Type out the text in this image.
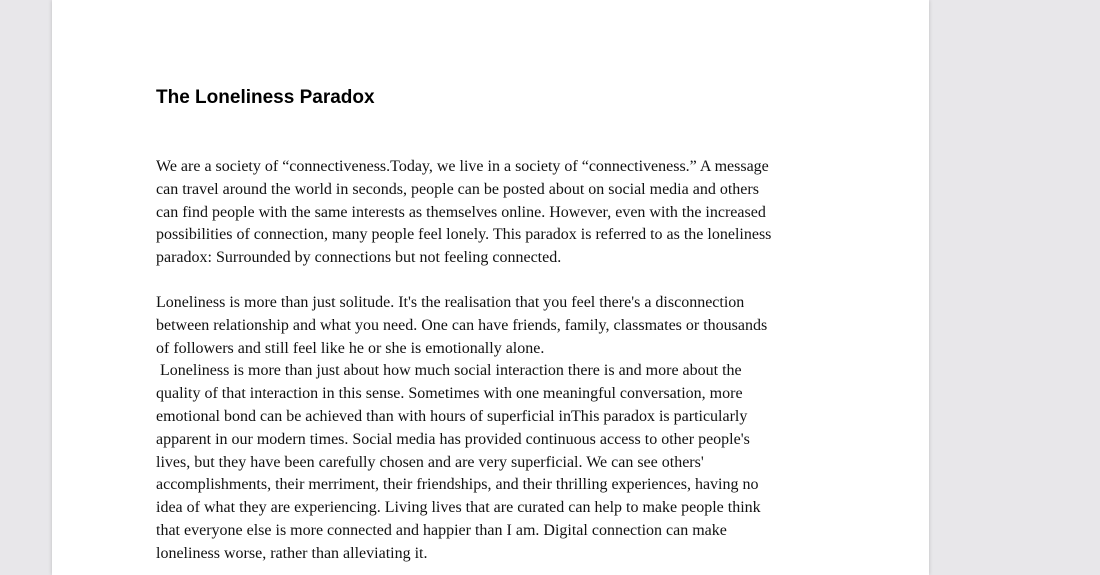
The Loneliness Paradox

We are a society of “connectiveness.Today, we live in a society of “connectiveness.” A message
can travel around the world in seconds, people can be posted about on social media and others
can find people with the same interests as themselves online. However, even with the increased
possibilities of connection, many people feel lonely. This paradox is referred to as the loneliness
paradox: Surrounded by connections but not feeling connected.

Loneliness is more than just solitude. It's the realisation that you feel there's a disconnection
between relationship and what you need. One can have friends, family, classmates or thousands
of followers and still feel like he or she is emotionally alone.

Loneliness is more than just about how much social interaction there is and more about the
quality of that interaction in this sense. Sometimes with one meaningful conversation, more
emotional bond can be achieved than with hours of superficial inThis paradox is particularly
apparent in our modern times. Social media has provided continuous access to other people's
lives, but they have been carefully chosen and are very superficial. We can see others'
accomplishments, their merriment, their friendships, and their thrilling experiences, having no
idea of what they are experiencing. Living lives that are curated can help to make people think
that everyone else is more connected and happier than I am. Digital connection can make
loneliness worse, rather than alleviating it.
